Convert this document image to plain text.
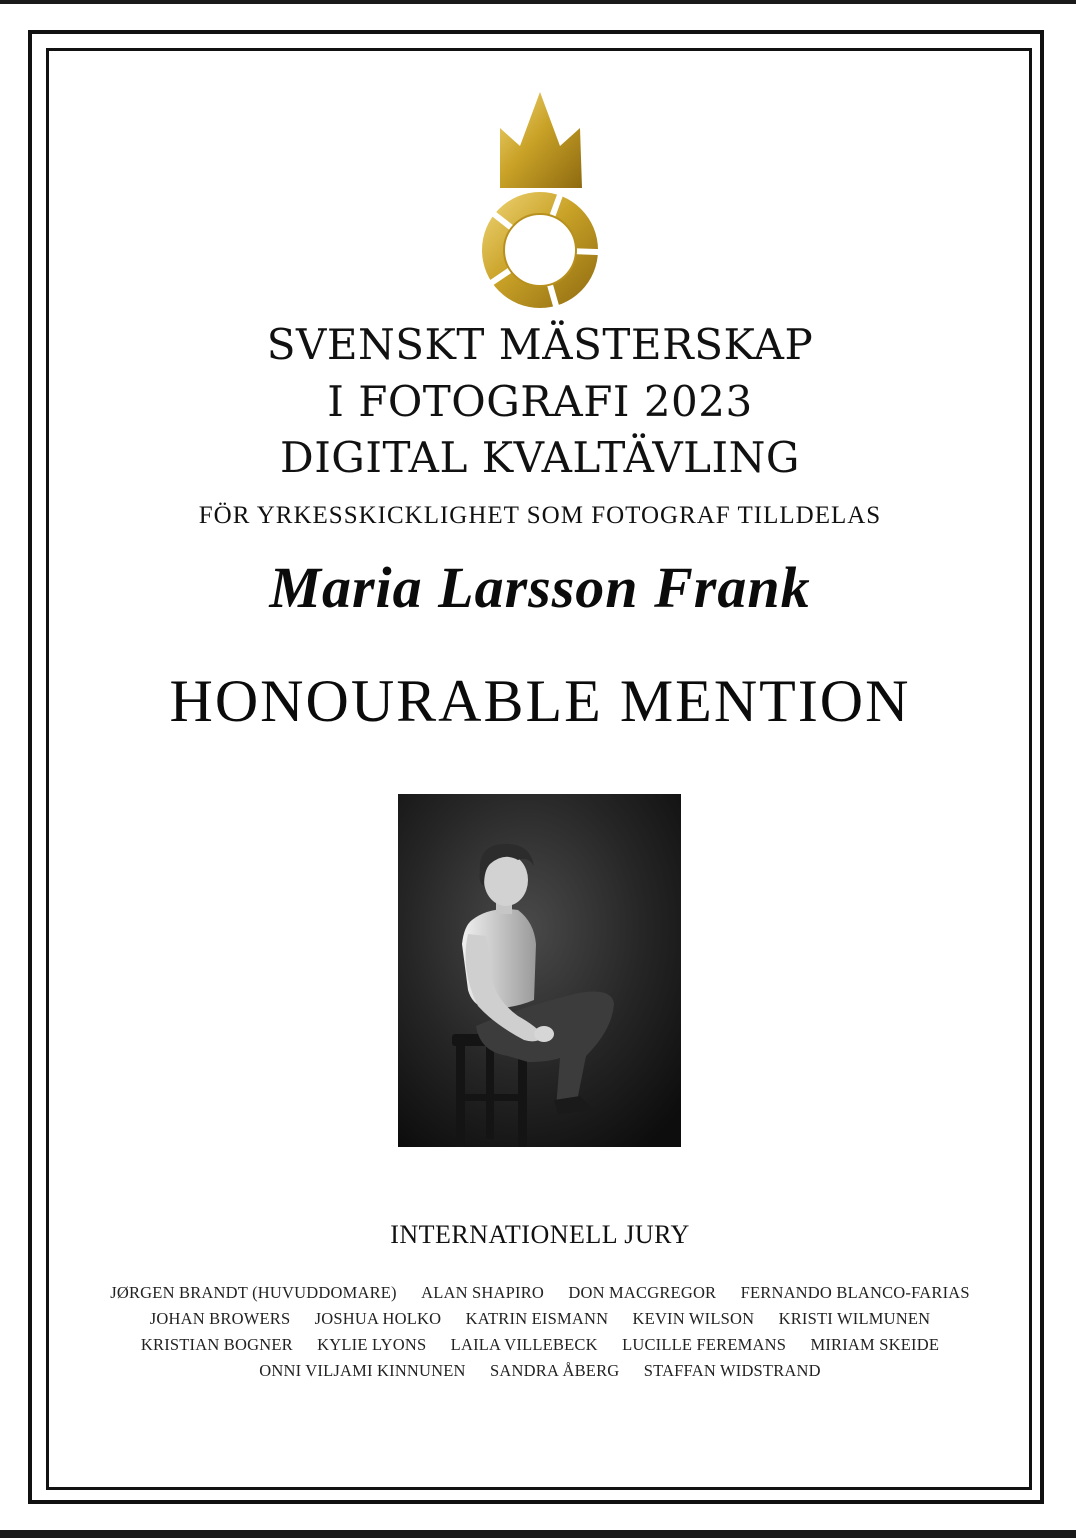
SVENSKT MÄSTERSKAP
I FOTOGRAFI 2023
DIGITAL KVALTÄVLING
FÖR YRKESSKICKLIGHET SOM FOTOGRAF TILLDELAS
Maria Larsson Frank
HONOURABLE MENTION
INTERNATIONELL JURY
JØRGEN BRANDT (HUVUDDOMARE) ALAN SHAPIRO DON MACGREGOR FERNANDO BLANCO-FARIAS
JOHAN BROWERS JOSHUA HOLKO KATRIN EISMANN KEVIN WILSON KRISTI WILMUNEN
KRISTIAN BOGNER KYLIE LYONS LAILA VILLEBECK LUCILLE FEREMANS MIRIAM SKEIDE
ONNI VILJAMI KINNUNEN SANDRA ÅBERG STAFFAN WIDSTRAND
